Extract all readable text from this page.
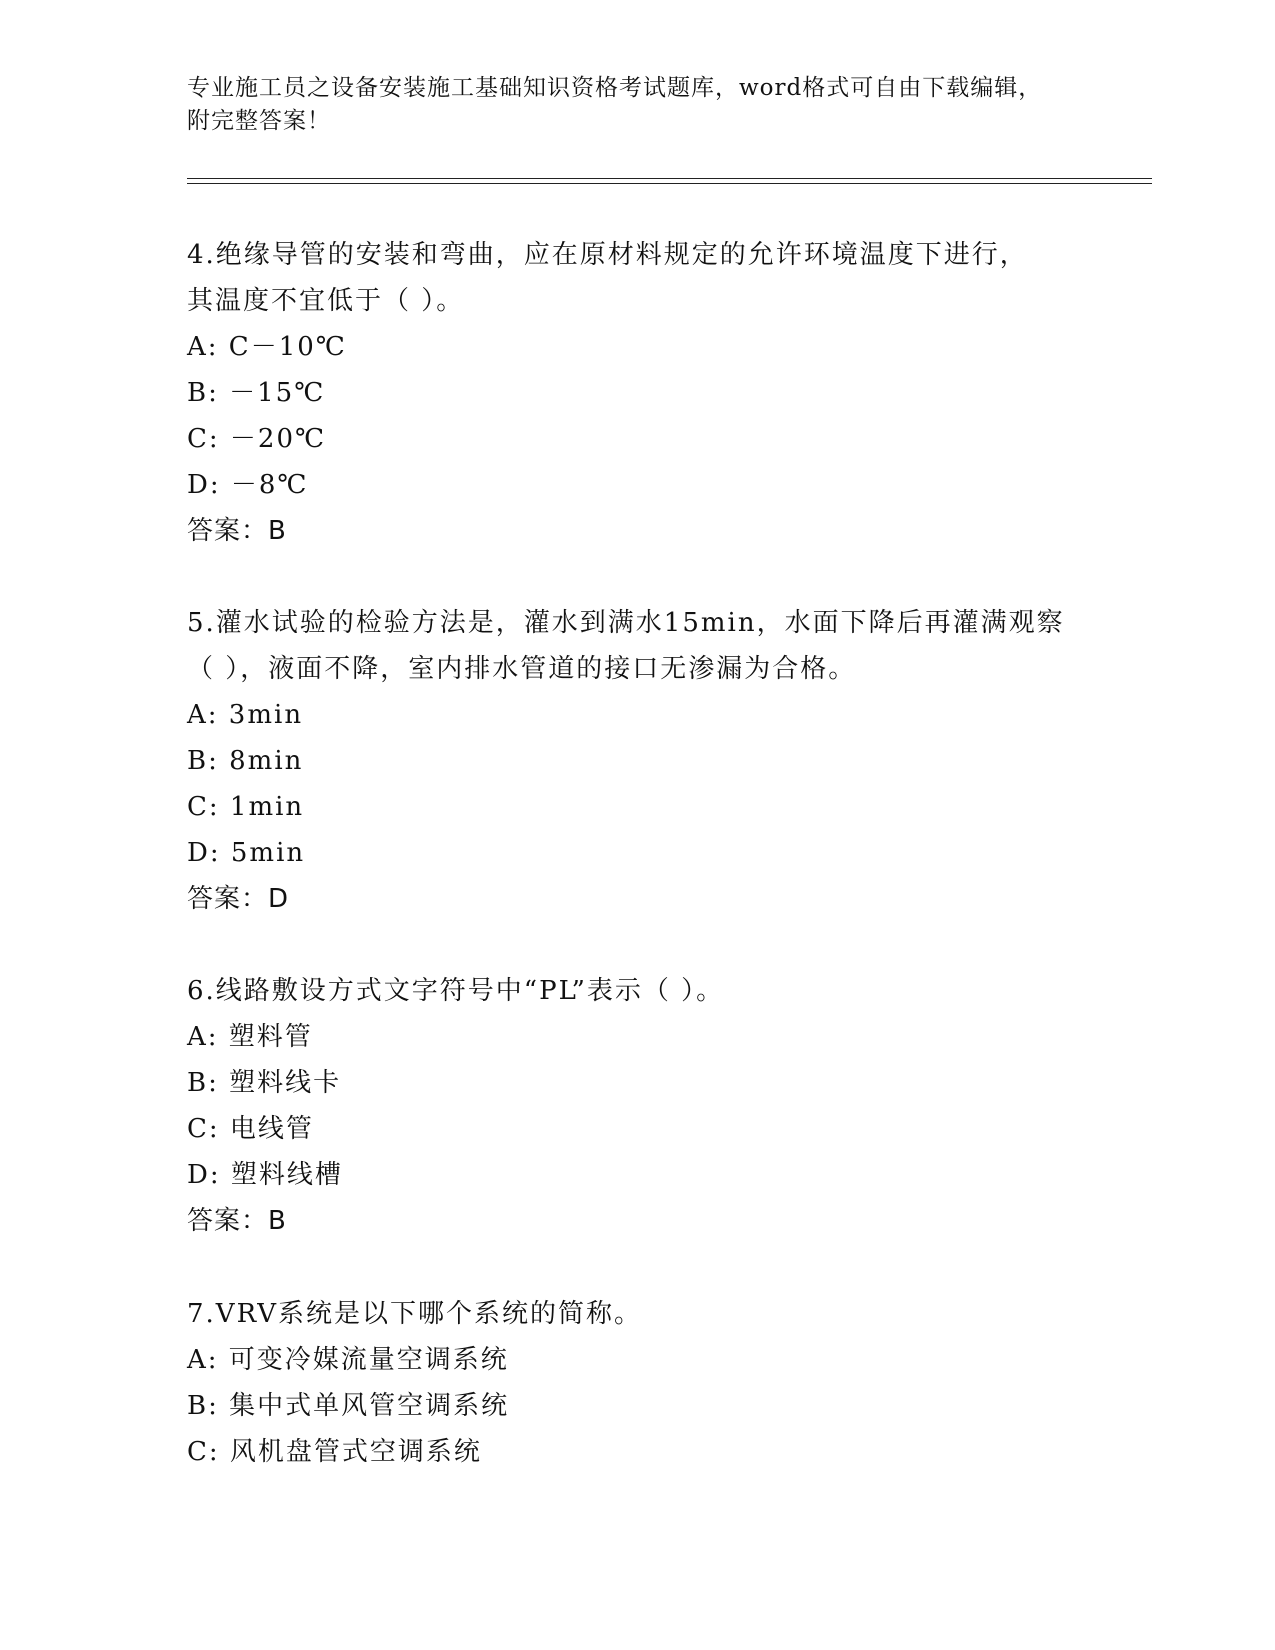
专业施工员之设备安装施工基础知识资格考试题库，word格式可自由下载编辑，
附完整答案！
4.绝缘导管的安装和弯曲，应在原材料规定的允许环境温度下进行，
其温度不宜低于（ ）。
A: C－10℃
B: －15℃
C: －20℃
D: －8℃
答案：B
5.灌水试验的检验方法是，灌水到满水15min，水面下降后再灌满观察
（ ），液面不降，室内排水管道的接口无渗漏为合格。
A: 3min
B: 8min
C: 1min
D: 5min
答案：D
6.线路敷设方式文字符号中“PL”表示（ ）。
A: 塑料管
B: 塑料线卡
C: 电线管
D: 塑料线槽
答案：B
7.VRV系统是以下哪个系统的简称。
A: 可变冷媒流量空调系统
B: 集中式单风管空调系统
C: 风机盘管式空调系统
